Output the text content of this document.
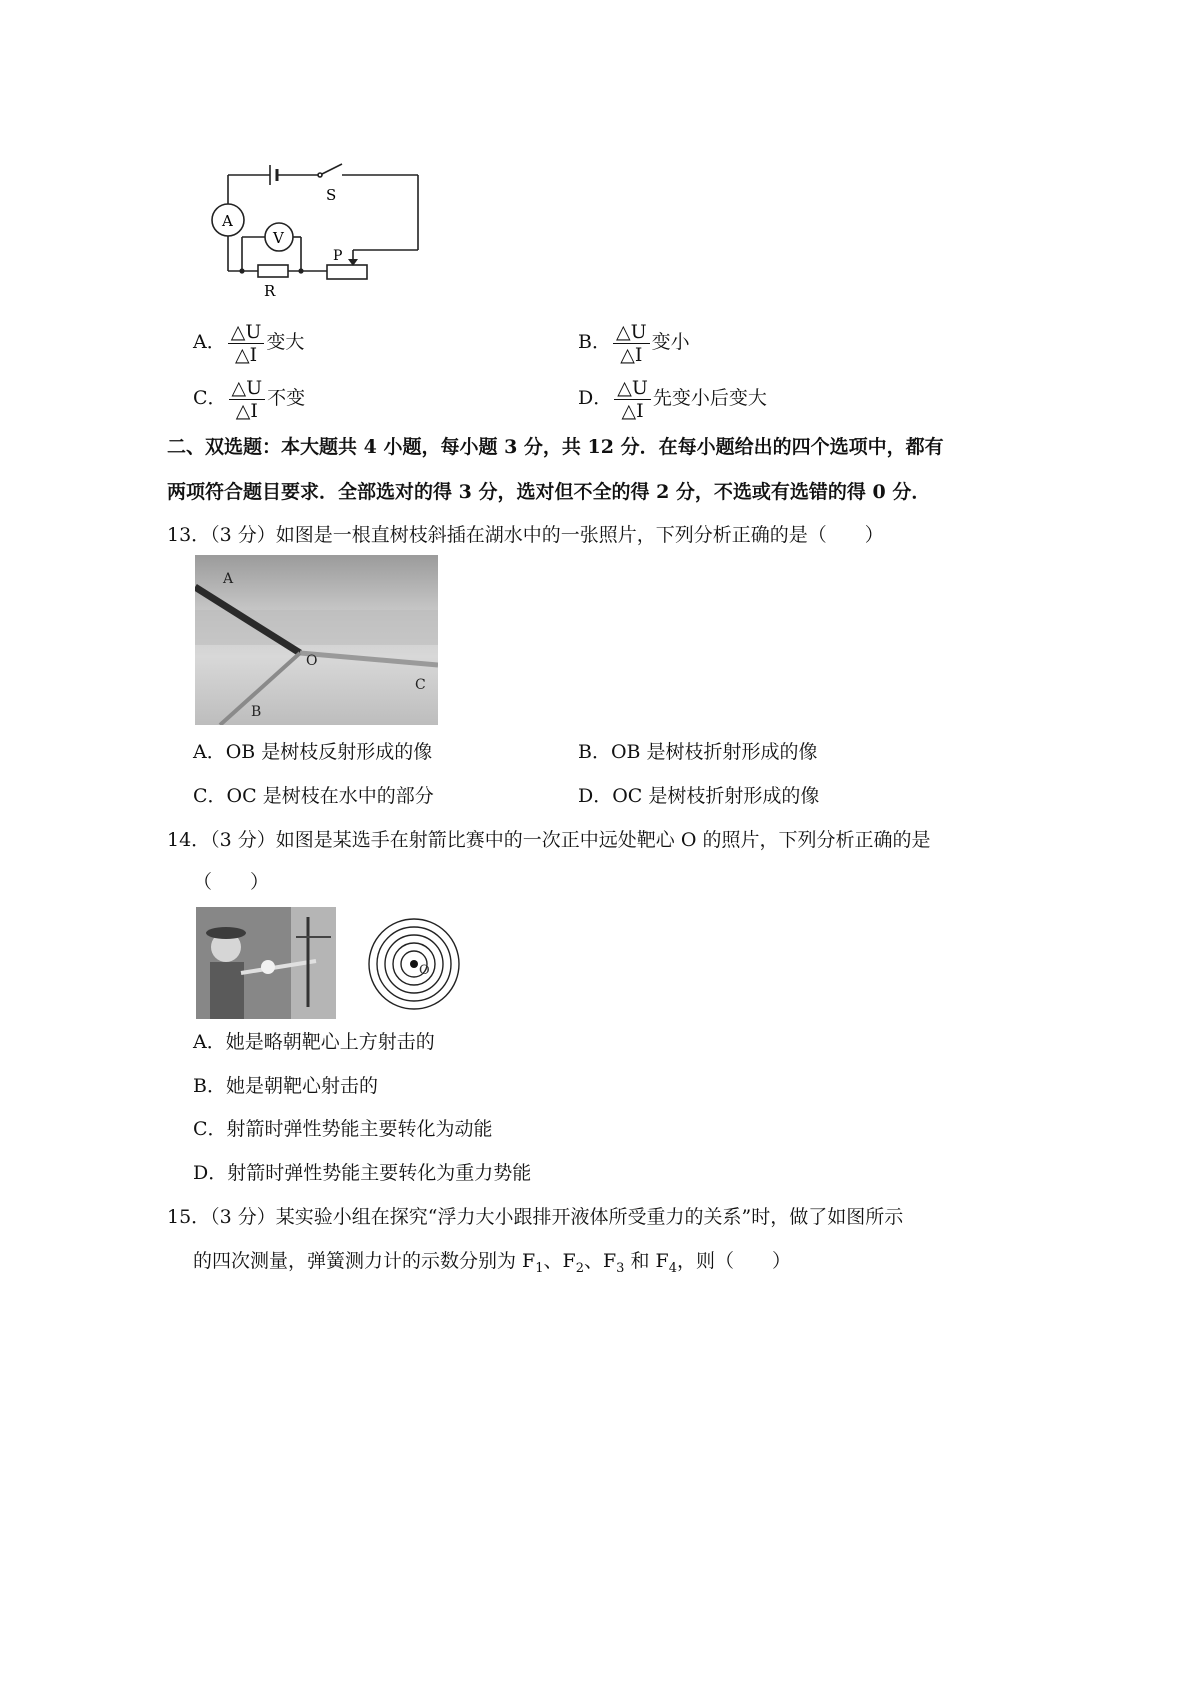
S
A
V
R
P
A． $\frac{\triangle U}{\triangle I}$ 变大	B． $\frac{\triangle U}{\triangle I}$ 变小
C． $\frac{\triangle U}{\triangle I}$ 不变	D． $\frac{\triangle U}{\triangle I}$ 先变小后变大
二、双选题：本大题共 4 小题，每小题 3 分，共 12 分．在每小题给出的四个选项中，都有
两项符合题目要求．全部选对的得 3 分，选对但不全的得 2 分，不选或有选错的得 0 分．
13．（3 分）如图是一根直树枝斜插在湖水中的一张照片，下列分析正确的是（　　）
A
O
C
B
A．OB 是树枝反射形成的像	B．OB 是树枝折射形成的像
C．OC 是树枝在水中的部分	D．OC 是树枝折射形成的像
14．（3 分）如图是某选手在射箭比赛中的一次正中远处靶心 O 的照片，下列分析正确的是
（　　）
O
A．她是略朝靶心上方射击的
B．她是朝靶心射击的
C．射箭时弹性势能主要转化为动能
D．射箭时弹性势能主要转化为重力势能
15．（3 分）某实验小组在探究“浮力大小跟排开液体所受重力的关系”时，做了如图所示
的四次测量，弹簧测力计的示数分别为 $F_1$、$F_2$、$F_3$ 和 $F_4$，则（　　）
